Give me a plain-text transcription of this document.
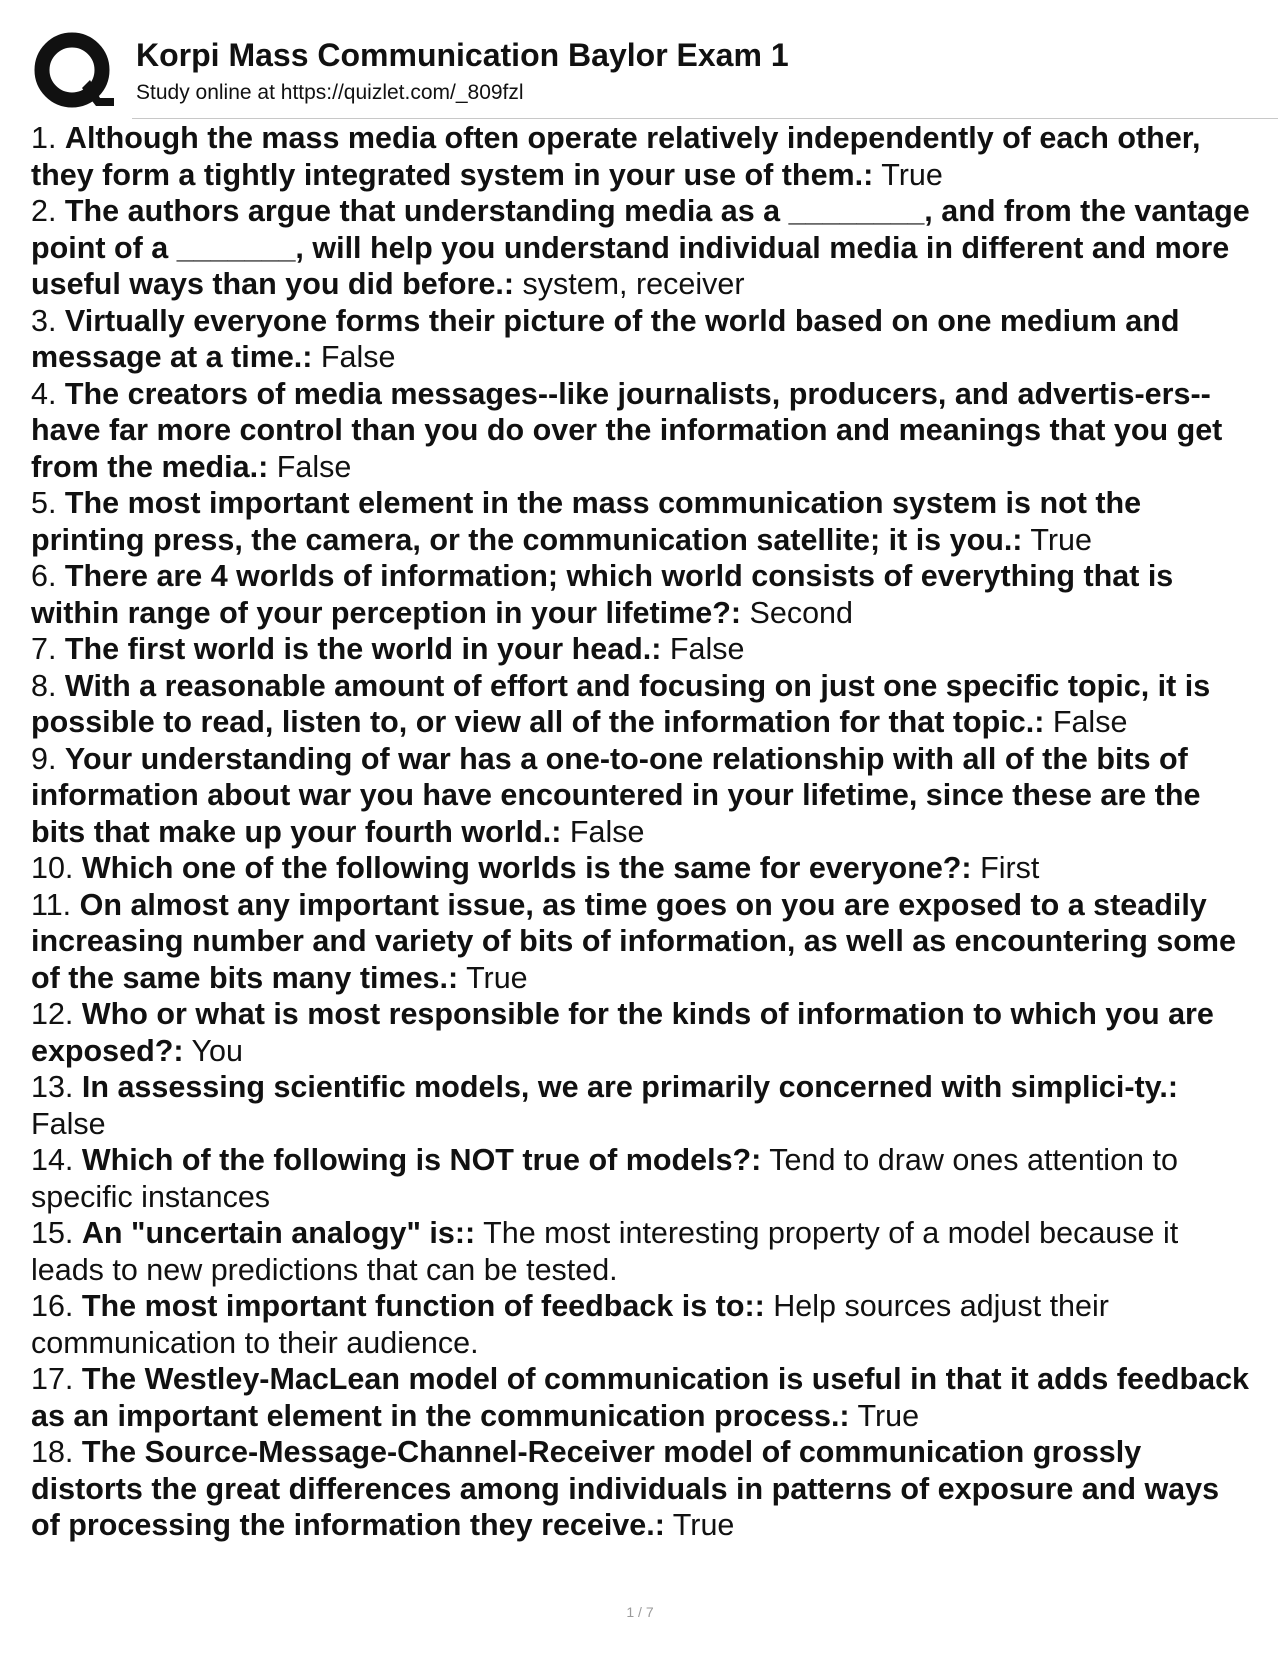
Korpi Mass Communication Baylor Exam 1
Study online at https://quizlet.com/_809fzl
1. Although the mass media often operate relatively independently of each other, they form a tightly integrated system in your use of them.: True
2. The authors argue that understanding media as a ________, and from the vantage point of a _______, will help you understand individual media in different and more useful ways than you did before.: system, receiver
3. Virtually everyone forms their picture of the world based on one medium and message at a time.: False
4. The creators of media messages--like journalists, producers, and advertis-ers--have far more control than you do over the information and meanings that you get from the media.: False
5. The most important element in the mass communication system is not the printing press, the camera, or the communication satellite; it is you.: True
6. There are 4 worlds of information; which world consists of everything that is within range of your perception in your lifetime?: Second
7. The first world is the world in your head.: False
8. With a reasonable amount of effort and focusing on just one specific topic, it is possible to read, listen to, or view all of the information for that topic.: False
9. Your understanding of war has a one-to-one relationship with all of the bits of information about war you have encountered in your lifetime, since these are the bits that make up your fourth world.: False
10. Which one of the following worlds is the same for everyone?: First
11. On almost any important issue, as time goes on you are exposed to a steadily increasing number and variety of bits of information, as well as encountering some of the same bits many times.: True
12. Who or what is most responsible for the kinds of information to which you are exposed?: You
13. In assessing scientific models, we are primarily concerned with simplici-ty.: False
14. Which of the following is NOT true of models?: Tend to draw ones attention to specific instances
15. An "uncertain analogy" is:: The most interesting property of a model because it leads to new predictions that can be tested.
16. The most important function of feedback is to:: Help sources adjust their communication to their audience.
17. The Westley-MacLean model of communication is useful in that it adds feedback as an important element in the communication process.: True
18. The Source-Message-Channel-Receiver model of communication grossly distorts the great differences among individuals in patterns of exposure and ways of processing the information they receive.: True
1 / 7
